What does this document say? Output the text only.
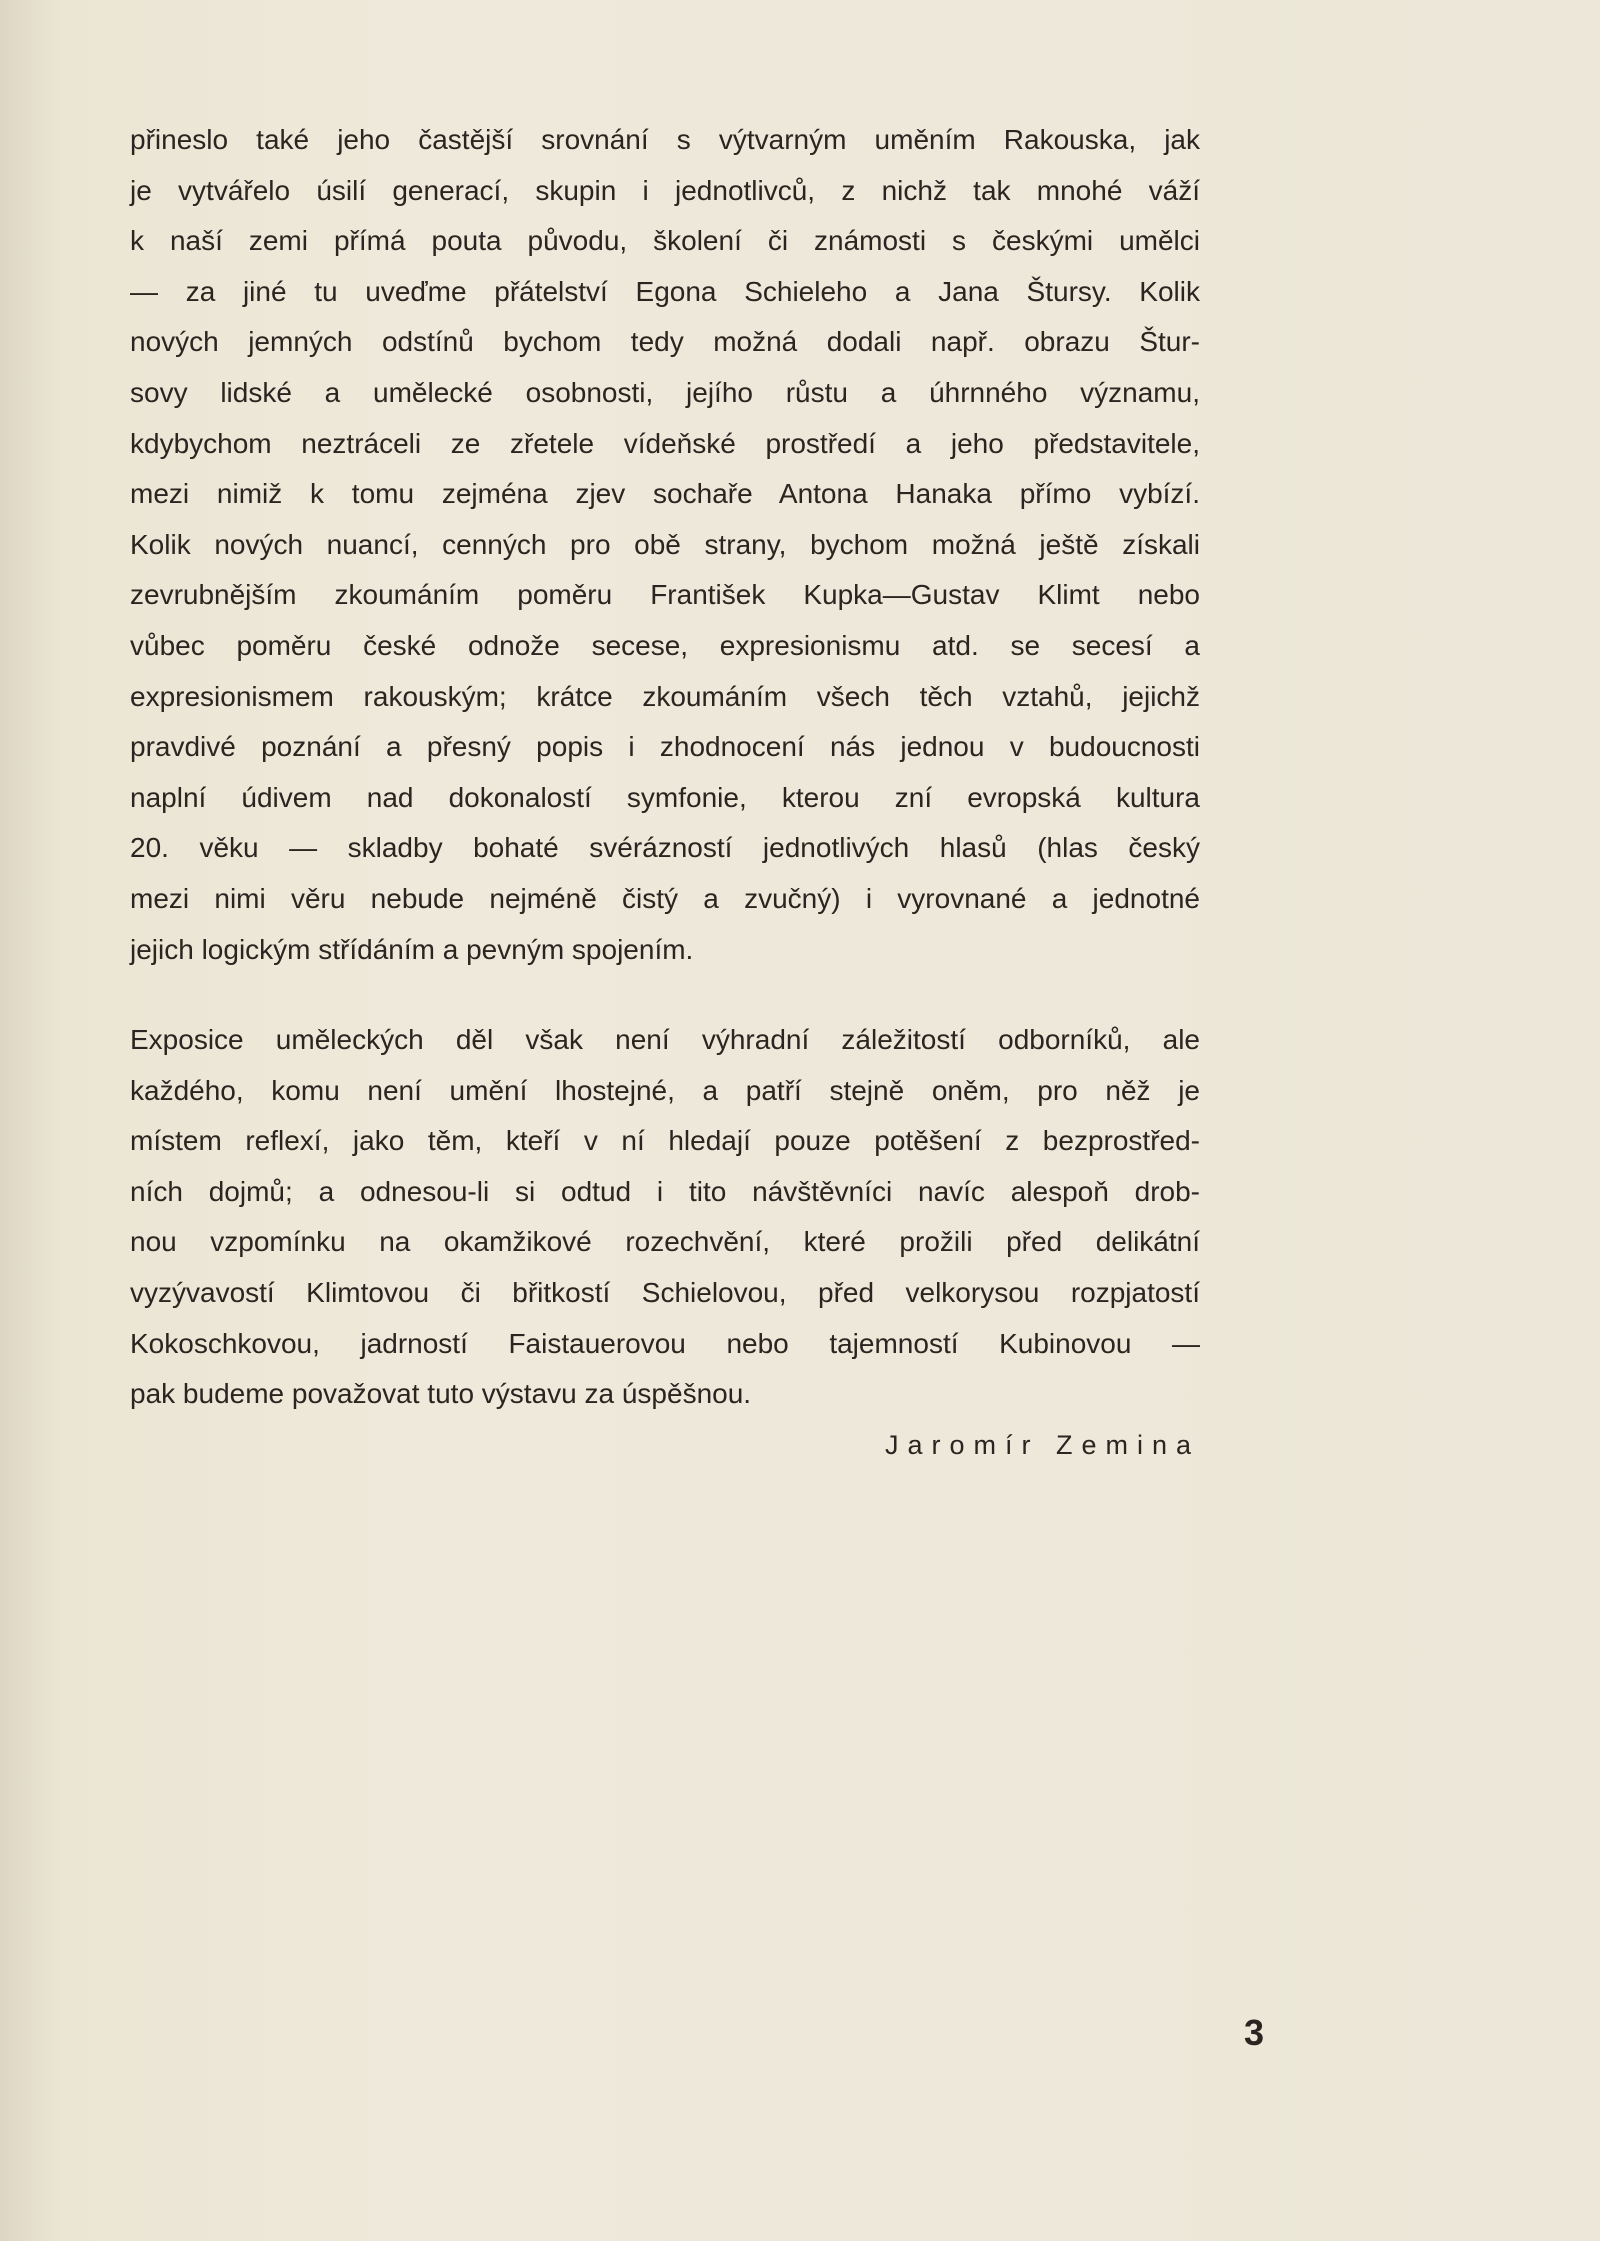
přineslo také jeho častější srovnání s výtvarným uměním Rakouska, jak
je vytvářelo úsilí generací, skupin i jednotlivců, z nichž tak mnohé váží
k naší zemi přímá pouta původu, školení či známosti s českými umělci
— za jiné tu uveďme přátelství Egona Schieleho a Jana Štursy. Kolik
nových jemných odstínů bychom tedy možná dodali např. obrazu Štur-
sovy lidské a umělecké osobnosti, jejího růstu a úhrnného významu,
kdybychom neztráceli ze zřetele vídeňské prostředí a jeho představitele,
mezi nimiž k tomu zejména zjev sochaře Antona Hanaka přímo vybízí.
Kolik nových nuancí, cenných pro obě strany, bychom možná ještě získali
zevrubnějším zkoumáním poměru František Kupka—Gustav Klimt nebo
vůbec poměru české odnože secese, expresionismu atd. se secesí a
expresionismem rakouským; krátce zkoumáním všech těch vztahů, jejichž
pravdivé poznání a přesný popis i zhodnocení nás jednou v budoucnosti
naplní údivem nad dokonalostí symfonie, kterou zní evropská kultura
20. věku — skladby bohaté svérázností jednotlivých hlasů (hlas český
mezi nimi věru nebude nejméně čistý a zvučný) i vyrovnané a jednotné
jejich logickým střídáním a pevným spojením.
Exposice uměleckých děl však není výhradní záležitostí odborníků, ale
každého, komu není umění lhostejné, a patří stejně oněm, pro něž je
místem reflexí, jako těm, kteří v ní hledají pouze potěšení z bezprostřed-
ních dojmů; a odnesou-li si odtud i tito návštěvníci navíc alespoň drob-
nou vzpomínku na okamžikové rozechvění, které prožili před delikátní
vyzývavostí Klimtovou či břitkostí Schielovou, před velkorysou rozpjatostí
Kokoschkovou, jadrností Faistauerovou nebo tajemností Kubinovou —
pak budeme považovat tuto výstavu za úspěšnou.
Jaromír Zemina
3
